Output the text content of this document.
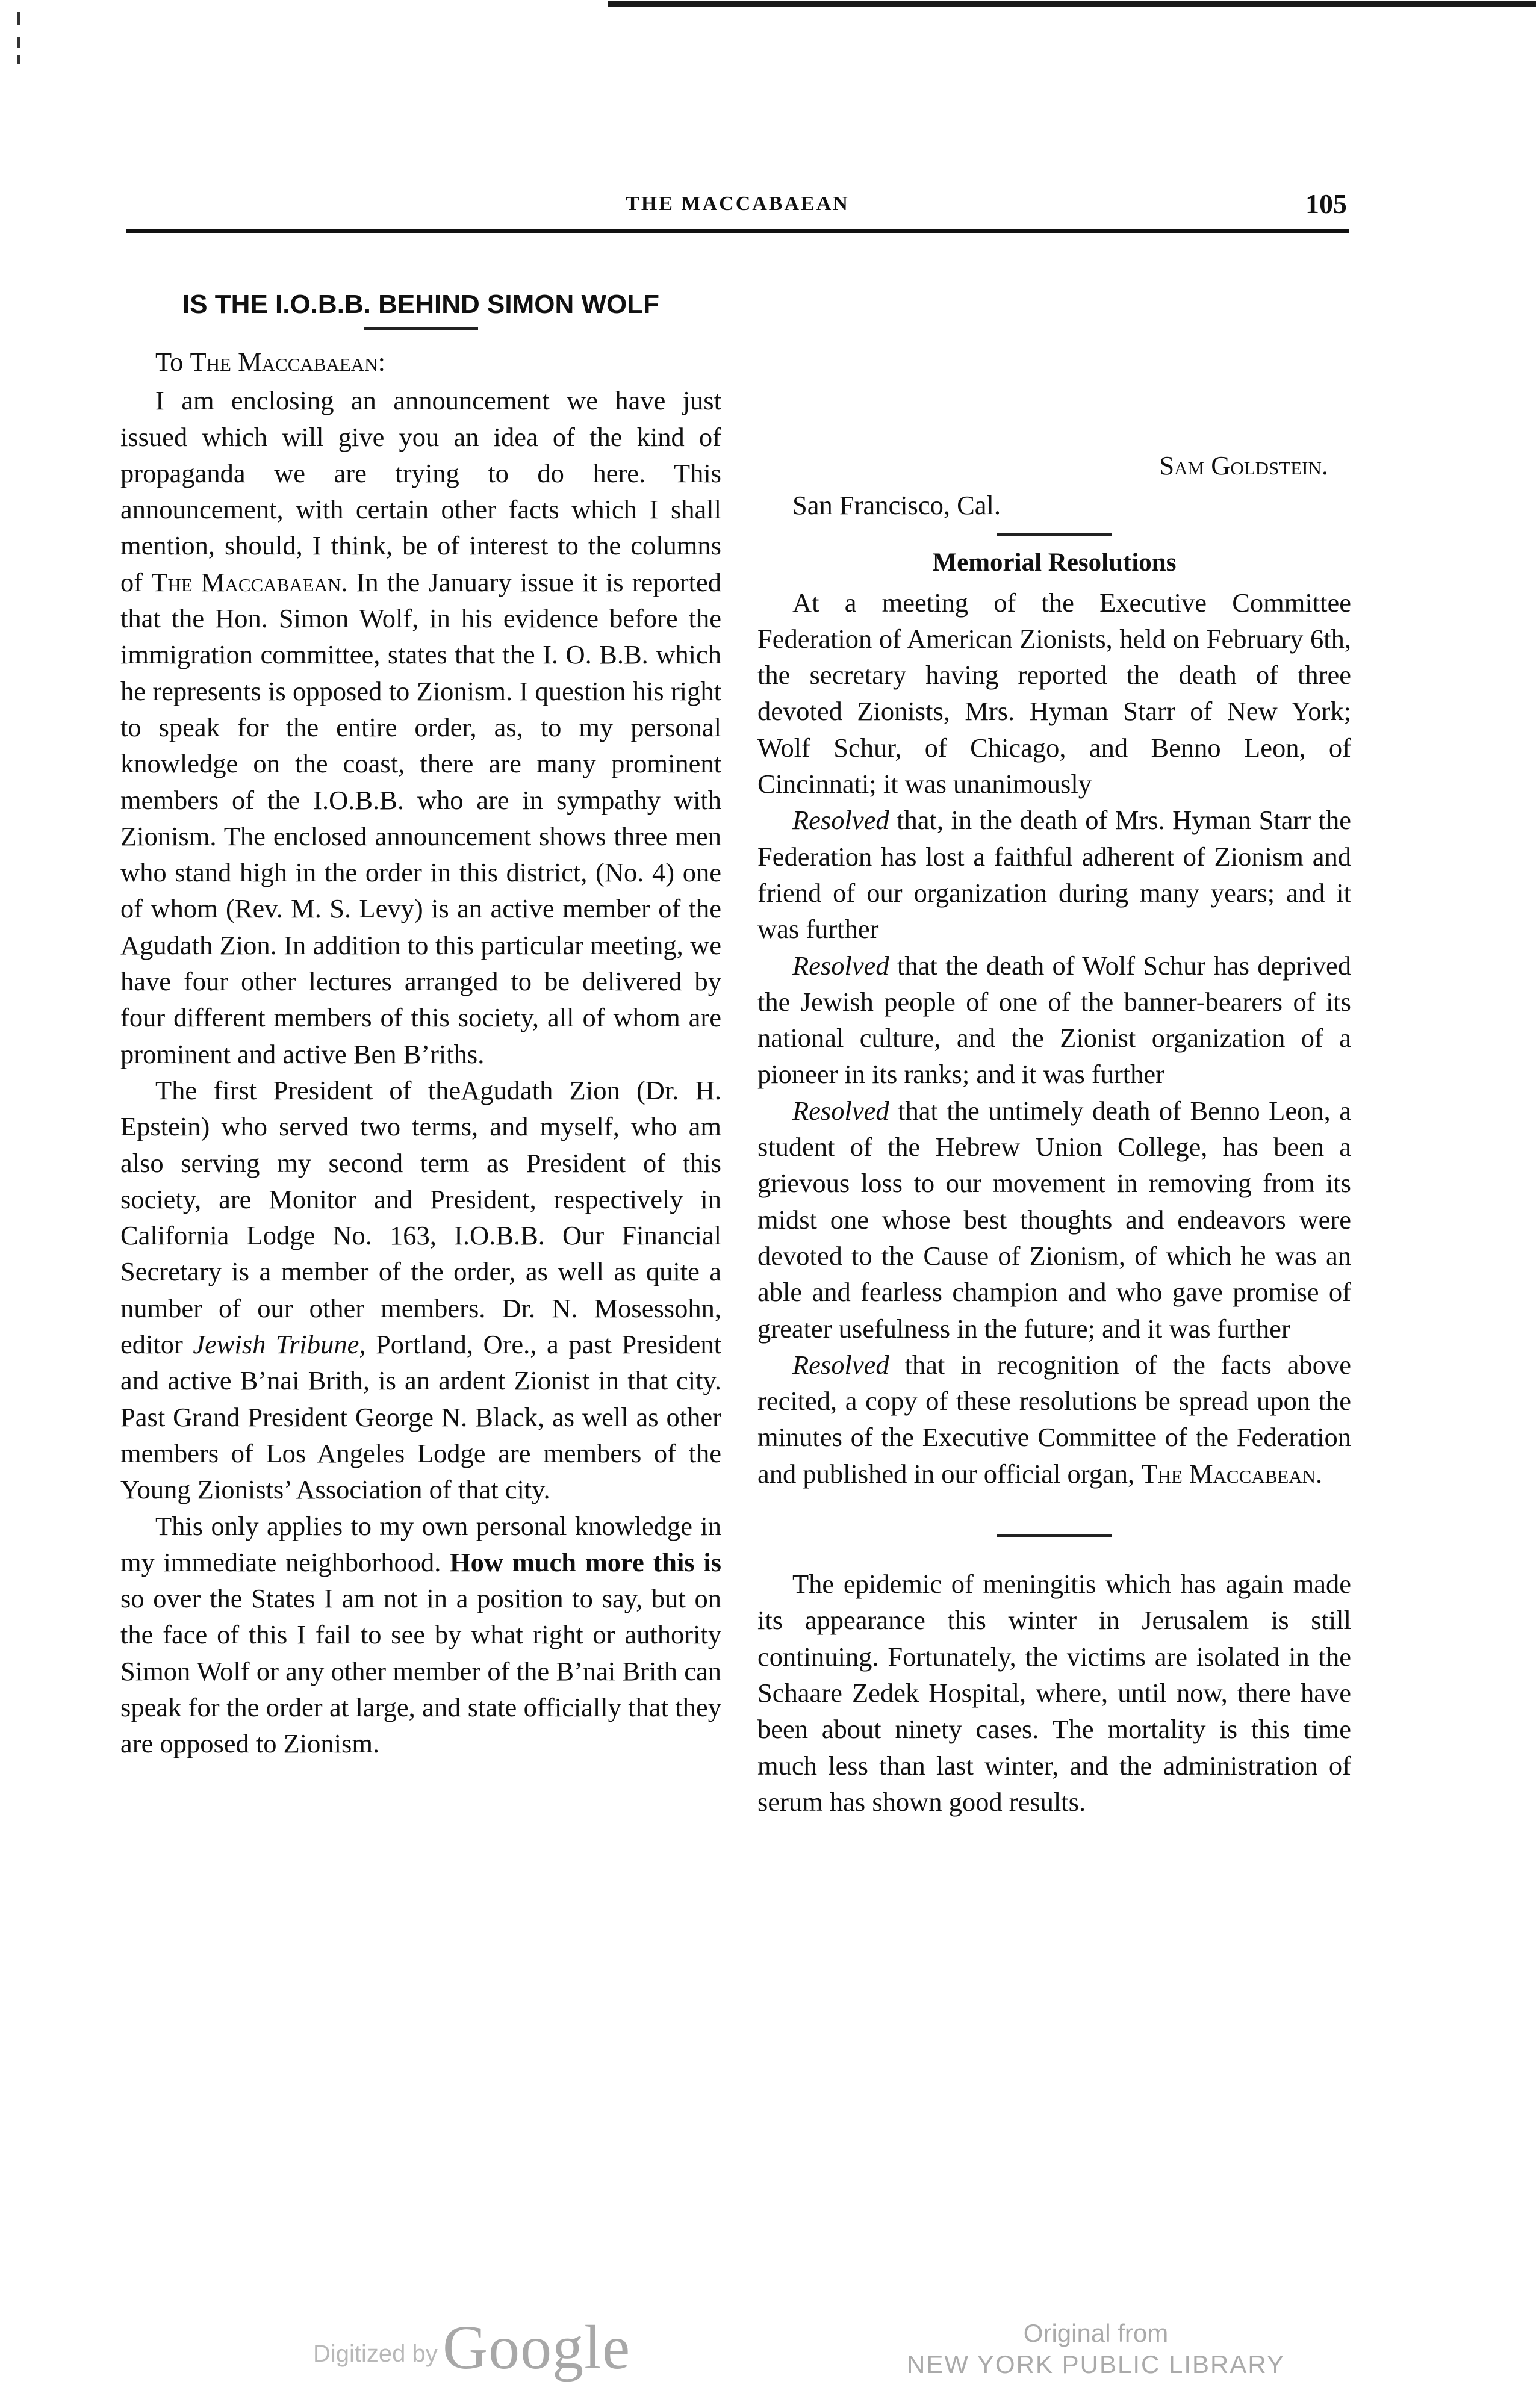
THE MACCABAEAN	105
IS THE I.O.B.B. BEHIND SIMON WOLF

To The Maccabaean:

I am enclosing an announcement we have just issued which will give you an idea of the kind of propaganda we are trying to do here. This announcement, with certain other facts which I shall mention, should, I think, be of interest to the columns of The Maccabaean. In the January issue it is reported that the Hon. Simon Wolf, in his evidence before the immigration committee, states that the I. O. B.B. which he represents is opposed to Zionism. I question his right to speak for the entire order, as, to my personal knowledge on the coast, there are many prominent members of the I.O.B.B. who are in sympathy with Zionism. The enclosed announcement shows three men who stand high in the order in this district, (No. 4) one of whom (Rev. M. S. Levy) is an active member of the Agudath Zion. In addition to this particular meeting, we have four other lectures arranged to be delivered by four different members of this society, all of whom are prominent and active Ben B’riths.

The first President of theAgudath Zion (Dr. H. Epstein) who served two terms, and myself, who am also serving my second term as President of this society, are Monitor and President, respectively in California Lodge No. 163, I.O.B.B. Our Financial Secretary is a member of the order, as well as quite a number of our other members. Dr. N. Mosessohn, editor Jewish Tribune, Portland, Ore., a past President and active B’nai Brith, is an ardent Zionist in that city. Past Grand President George N. Black, as well as other members of Los Angeles Lodge are members of the Young Zionists’ Association of that city.

This only applies to my own personal knowledge in my immediate neighborhood. How much more this is so over the States I am not in a position to say, but on the face of this I fail to see by what right or authority Simon Wolf or any other member of the B’nai Brith can speak for the order at large, and state officially that they are opposed to Zionism.

Sam Goldstein.

San Francisco, Cal.

Memorial Resolutions

At a meeting of the Executive Committee Federation of American Zionists, held on February 6th, the secretary having reported the death of three devoted Zionists, Mrs. Hyman Starr of New York; Wolf Schur, of Chicago, and Benno Leon, of Cincinnati; it was unanimously

Resolved that, in the death of Mrs. Hyman Starr the Federation has lost a faithful adherent of Zionism and friend of our organization during many years; and it was further

Resolved that the death of Wolf Schur has deprived the Jewish people of one of the banner-bearers of its national culture, and the Zionist organization of a pioneer in its ranks; and it was further

Resolved that the untimely death of Benno Leon, a student of the Hebrew Union College, has been a grievous loss to our movement in removing from its midst one whose best thoughts and endeavors were devoted to the Cause of Zionism, of which he was an able and fearless champion and who gave promise of greater usefulness in the future; and it was further

Resolved that in recognition of the facts above recited, a copy of these resolutions be spread upon the minutes of the Executive Committee of the Federation and published in our official organ, The Maccabean.

The epidemic of meningitis which has again made its appearance this winter in Jerusalem is still continuing. Fortunately, the victims are isolated in the Schaare Zedek Hospital, where, until now, there have been about ninety cases. The mortality is this time much less than last winter, and the administration of serum has shown good results.

Digitized by Google	Original from
NEW YORK PUBLIC LIBRARY
